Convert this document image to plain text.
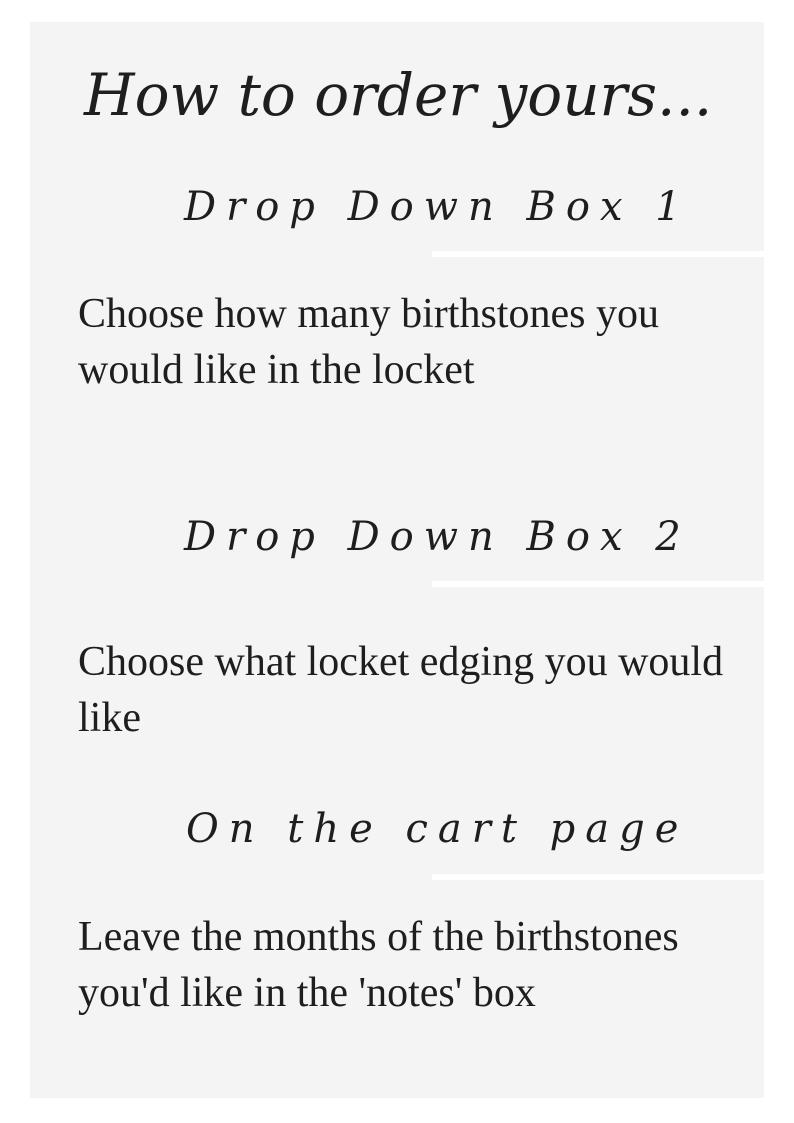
How to order yours...
Drop Down Box 1

Choose how many birthstones you would like in the locket

Drop Down Box 2

Choose what locket edging you would like

On the cart page

Leave the months of the birthstones you'd like in the 'notes' box
